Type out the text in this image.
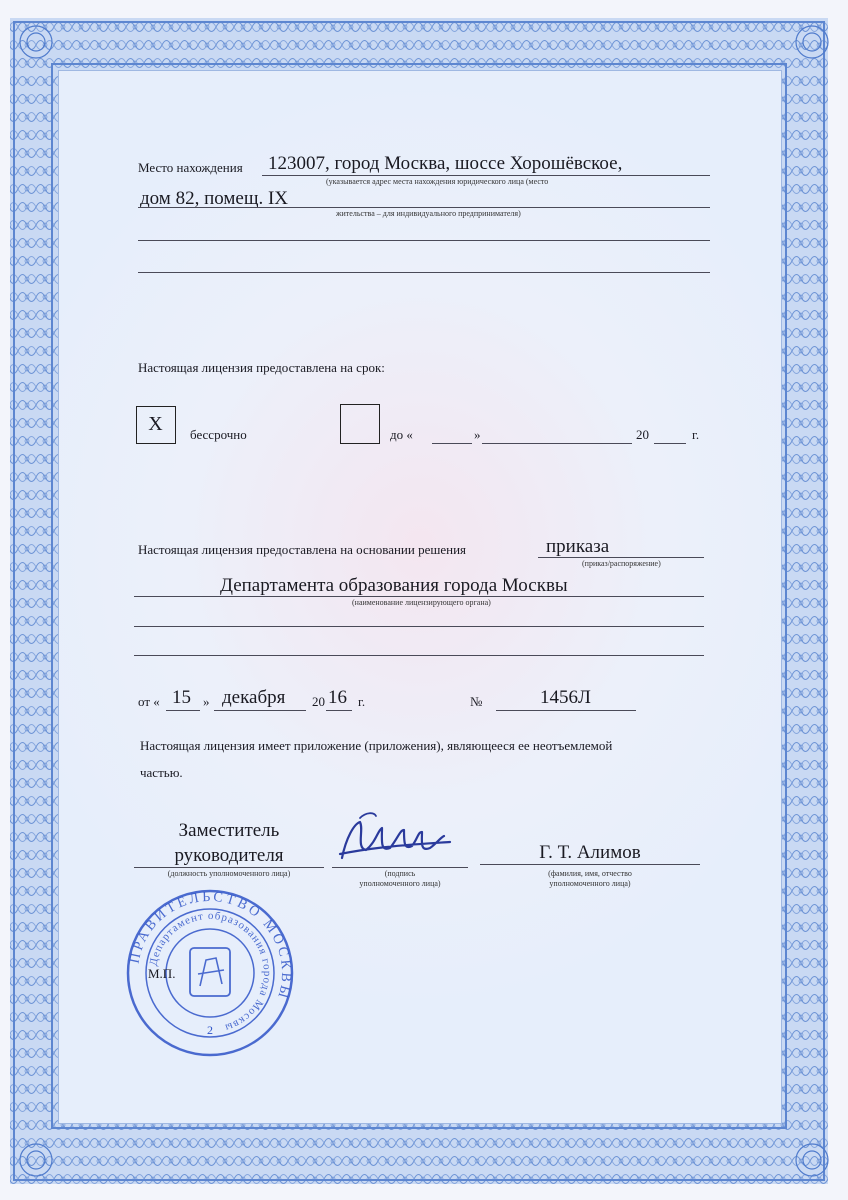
Место нахождения 123007, город Москва, шоссе Хорошёвское,
(указывается адрес места нахождения юридического лица (место
дом 82, помещ. IX
жительства – для индивидуального предпринимателя)
Настоящая лицензия предоставлена на срок:
X	бессрочно	до «	»	20	г.
Настоящая лицензия предоставлена на основании решения	приказа
(приказ/распоряжение)
Департамента образования города Москвы
(наименование лицензирующего органа)
от « 15 » декабря 20 16 г.	№	1456Л
Настоящая лицензия имеет приложение (приложения), являющееся ее неотъемлемой
частью.
Заместитель
руководителя
(должность уполномоченного лица)	(подпись
уполномоченного лица)
Г. Т. Алимов
(фамилия, имя, отчество
уполномоченного лица)
ПРАВИТЕЛЬСТВО МОСКВЫ
Департамент образования города Москвы
2
М.П.
